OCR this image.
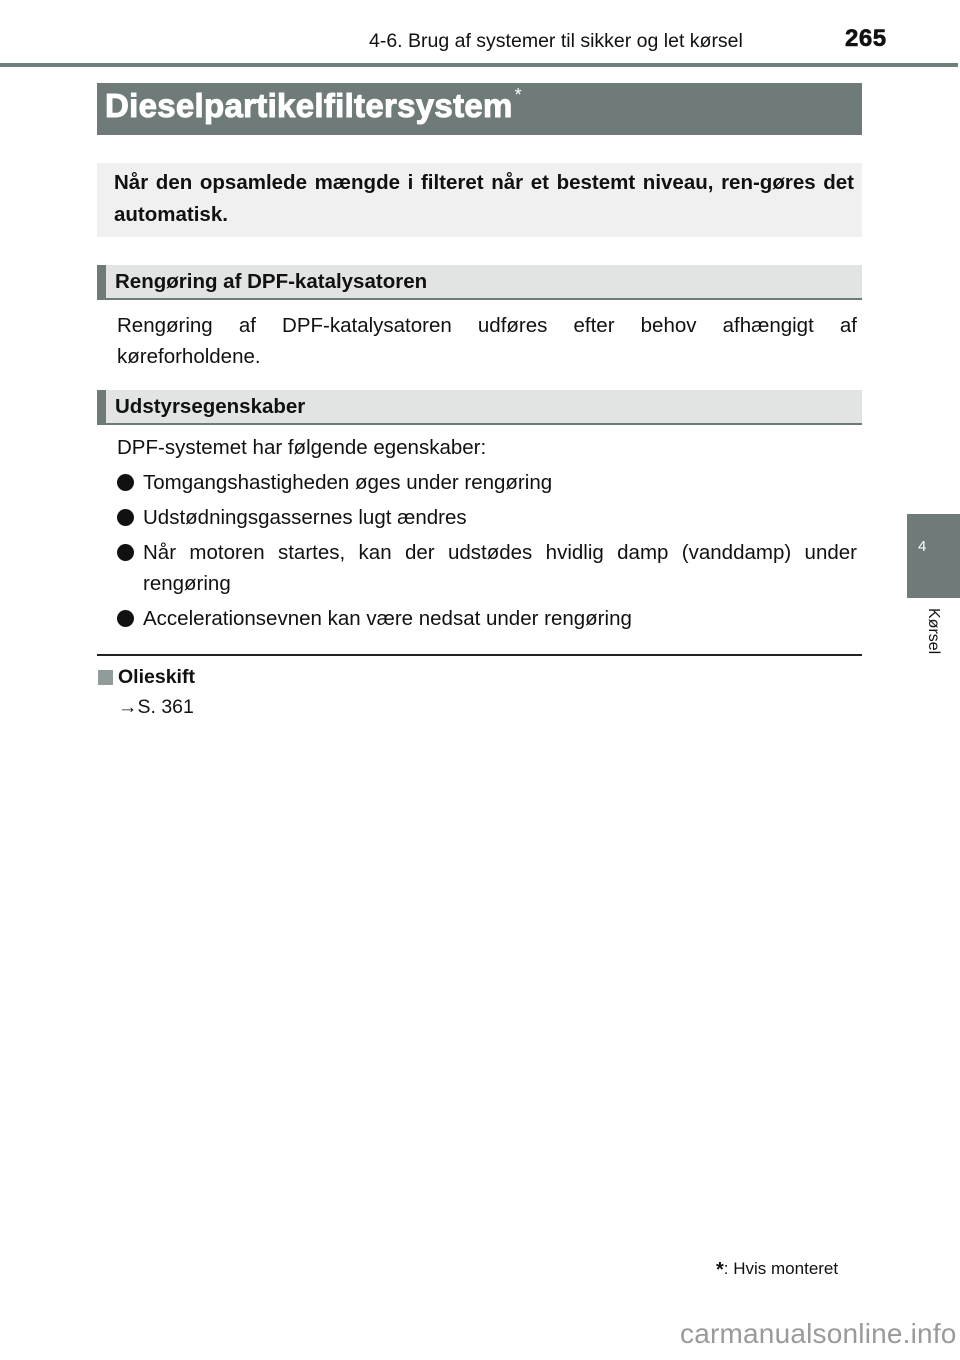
4-6. Brug af systemer til sikker og let kørsel	265
Dieselpartikelfiltersystem *
Når den opsamlede mængde i filteret når et bestemt niveau, ren-gøres det automatisk.
Rengøring af DPF-katalysatoren
Rengøring af DPF-katalysatoren udføres efter behov afhængigt af køreforholdene.
Udstyrsegenskaber
DPF-systemet har følgende egenskaber:
Tomgangshastigheden øges under rengøring
Udstødningsgassernes lugt ændres
Når motoren startes, kan der udstødes hvidlig damp (vanddamp) under rengøring
Accelerationsevnen kan være nedsat under rengøring
Olieskift
→S. 361
4
Kørsel
*: Hvis monteret
carmanualsonline.info
